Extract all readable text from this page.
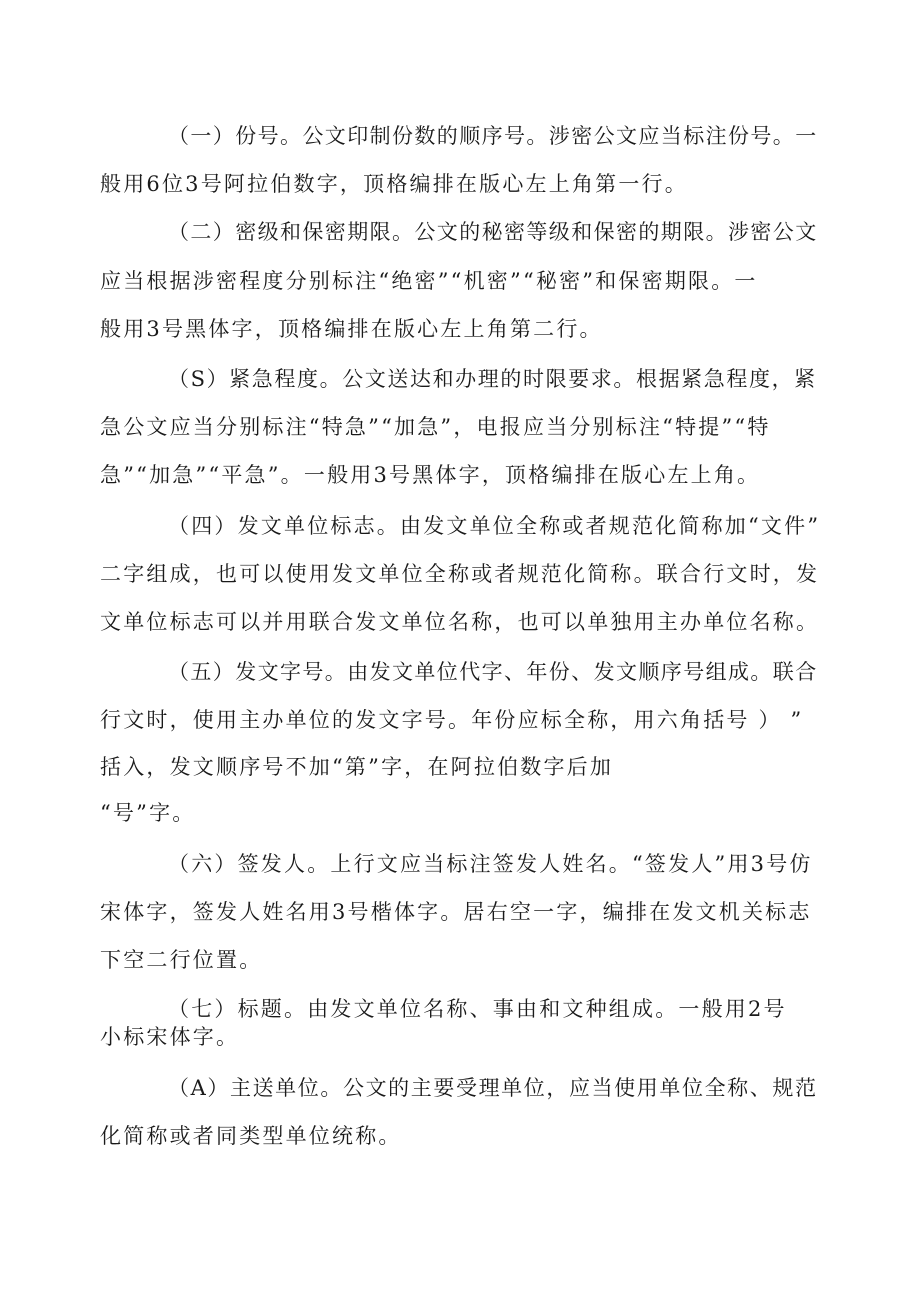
（一）份号。公文印制份数的顺序号。涉密公文应当标注份号。一
般用6位3号阿拉伯数字，顶格编排在版心左上角第一行。
（二）密级和保密期限。公文的秘密等级和保密的期限。涉密公文
应当根据涉密程度分别标注“绝密”“机密”“秘密”和保密期限。一
般用3号黑体字，顶格编排在版心左上角第二行。
（S）紧急程度。公文送达和办理的时限要求。根据紧急程度，紧
急公文应当分别标注“特急”“加急”，电报应当分别标注“特提”“特
急”“加急”“平急”。一般用3号黑体字，顶格编排在版心左上角。
（四）发文单位标志。由发文单位全称或者规范化简称加“文件”
二字组成，也可以使用发文单位全称或者规范化简称。联合行文时，发
文单位标志可以并用联合发文单位名称，也可以单独用主办单位名称。
（五）发文字号。由发文单位代字、年份、发文顺序号组成。联合
行文时，使用主办单位的发文字号。年份应标全称，用六角括号 ） ”
括入，发文顺序号不加“第”字，在阿拉伯数字后加
“号”字。
（六）签发人。上行文应当标注签发人姓名。“签发人”用3号仿
宋体字，签发人姓名用3号楷体字。居右空一字，编排在发文机关标志
下空二行位置。
（七）标题。由发文单位名称、事由和文种组成。一般用2号
小标宋体字。
（A）主送单位。公文的主要受理单位，应当使用单位全称、规范
化简称或者同类型单位统称。
